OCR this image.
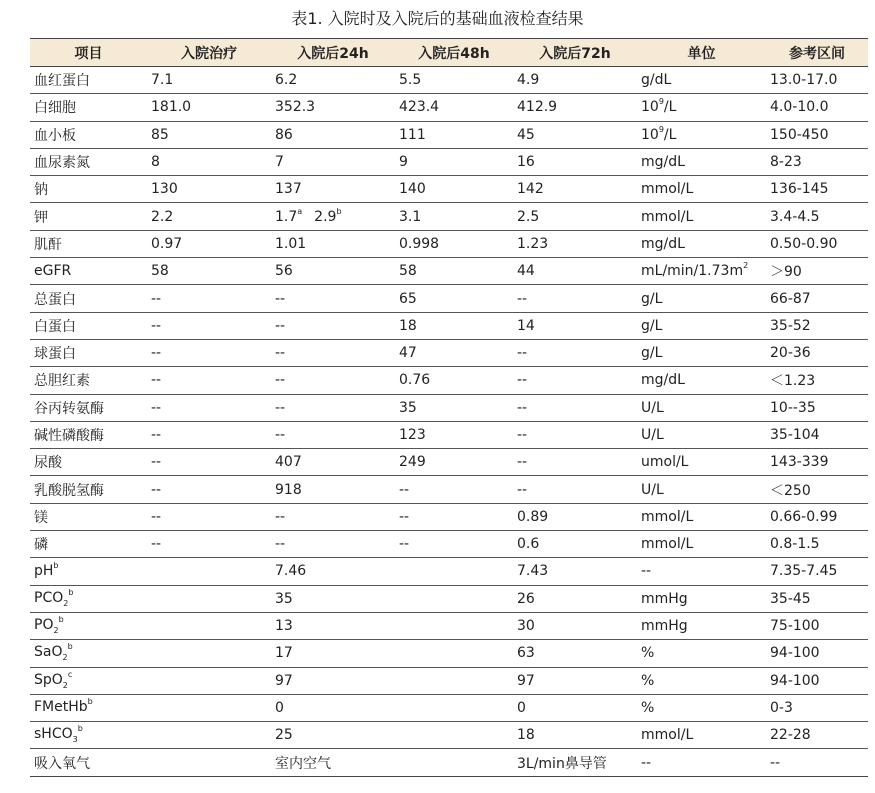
表1. 入院时及入院后的基础血液检查结果
项目	入院治疗	入院后24h	入院后48h	入院后72h	单位	参考区间
血红蛋白	7.1	6.2	5.5	4.9	g/dL	13.0-17.0
白细胞	181.0	352.3	423.4	412.9	$10^9/L$	4.0-10.0
血小板	85	86	111	45	$10^9/L$	150-450
血尿素氮	8	7	9	16	mg/dL	8-23
钠	130	137	140	142	mmol/L	136-145
钾	2.2	1.7$^a$ 2.9$^b$	3.1	2.5	mmol/L	3.4-4.5
肌酐	0.97	1.01	0.998	1.23	mg/dL	0.50-0.90
eGFR	58	56	58	44	$mL/\min/1.73m^2$	＞90
总蛋白	--	--	65	--	g/L	66-87
白蛋白	--	--	18	14	g/L	35-52
球蛋白	--	--	47	--	g/L	20-36
总胆红素	--	--	0.76	--	mg/dL	＜1.23
谷丙转氨酶	--	--	35	--	U/L	10--35
碱性磷酸酶	--	--	123	--	U/L	35-104
尿酸	--	407	249	--	umol/L	143-339
乳酸脱氢酶	--	918	--	--	U/L	＜250
镁	--	--	--	0.89	mmol/L	0.66-0.99
磷	--	--	--	0.6	mmol/L	0.8-1.5
$pH^b$		7.46		7.43	--	7.35-7.45
$PCO_2^b$		35		26	mmHg	35-45
$PO_2^b$		13		30	mmHg	75-100
SaO$_2^b$		17		63	%	94-100
SpO$_2^c$		97		97	%	94-100
FMetHb$^b$		0		0	%	0-3
sHCO$_3^b$		25		18	mmol/L	22-28
吸入氧气		室内空气		3L/min鼻导管	--	--
